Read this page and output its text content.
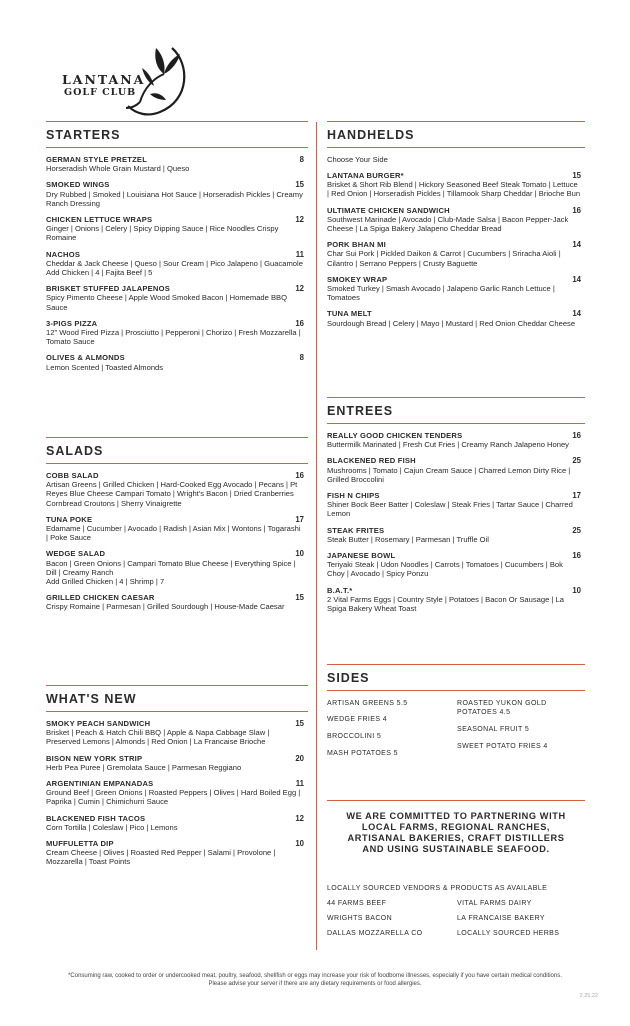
LANTANA
GOLF CLUB
STARTERS
GERMAN STYLE PRETZEL	8
Horseradish Whole Grain Mustard | Queso
SMOKED WINGS	15
Dry Rubbed | Smoked | Louisiana Hot Sauce | Horseradish Pickles | Creamy Ranch Dressing
CHICKEN LETTUCE WRAPS	12
Ginger | Onions | Celery | Spicy Dipping Sauce | Rice Noodles Crispy Romaine
NACHOS	11
Cheddar & Jack Cheese | Queso | Sour Cream | Pico Jalapeno | Guacamole
Add Chicken | 4 | Fajita Beef | 5
BRISKET STUFFED JALAPENOS	12
Spicy Pimento Cheese | Apple Wood Smoked Bacon | Homemade BBQ Sauce
3-PIGS PIZZA	16
12" Wood Fired Pizza | Prosciutto | Pepperoni | Chorizo | Fresh Mozzarella | Tomato Sauce
OLIVES & ALMONDS	8
Lemon Scented | Toasted Almonds
SALADS
COBB SALAD	16
Artisan Greens | Grilled Chicken | Hard-Cooked Egg Avocado | Pecans | Pt Reyes Blue Cheese Campari Tomato | Wright's Bacon | Dried Cranberries Cornbread Croutons | Sherry Vinaigrette
TUNA POKE	17
Edamame | Cucumber | Avocado | Radish | Asian Mix | Wontons | Togarashi | Poke Sauce
WEDGE SALAD	10
Bacon | Green Onions | Campari Tomato Blue Cheese | Everything Spice | Dill | Creamy Ranch
Add Grilled Chicken | 4 | Shrimp | 7
GRILLED CHICKEN CAESAR	15
Crispy Romaine | Parmesan | Grilled Sourdough | House-Made Caesar
WHAT'S NEW
SMOKY PEACH SANDWICH	15
Brisket | Peach & Hatch Chili BBQ | Apple & Napa Cabbage Slaw | Preserved Lemons | Almonds | Red Onion | La Francaise Brioche
BISON NEW YORK STRIP	20
Herb Pea Puree | Gremolata Sauce | Parmesan Reggiano
ARGENTINIAN EMPANADAS	11
Ground Beef | Green Onions | Roasted Peppers | Olives | Hard Boiled Egg | Paprika | Cumin | Chimichurri Sauce
BLACKENED FISH TACOS	12
Corn Tortilla | Coleslaw | Pico | Lemons
MUFFULETTA DIP	10
Cream Cheese | Olives | Roasted Red Pepper | Salami | Provolone | Mozzarella | Toast Points
HANDHELDS
Choose Your Side
LANTANA BURGER*	15
Brisket & Short Rib Blend | Hickory Seasoned Beef Steak Tomato | Lettuce | Red Onion | Horseradish Pickles | Tillamook Sharp Cheddar | Brioche Bun
ULTIMATE CHICKEN SANDWICH	16
Southwest Marinade | Avocado | Club-Made Salsa | Bacon Pepper-Jack Cheese | La Spiga Bakery Jalapeno Cheddar Bread
PORK BHAN MI	14
Char Sui Pork | Pickled Daikon & Carrot | Cucumbers | Sriracha Aioli | Cilantro | Serrano Peppers | Crusty Baguette
SMOKEY WRAP	14
Smoked Turkey | Smash Avocado | Jalapeno Garlic Ranch Lettuce | Tomatoes
TUNA MELT	14
Sourdough Bread | Celery | Mayo | Mustard | Red Onion Cheddar Cheese
ENTREES
REALLY GOOD CHICKEN TENDERS	16
Buttermilk Marinated | Fresh Cut Fries | Creamy Ranch Jalapeno Honey
BLACKENED RED FISH	25
Mushrooms | Tomato | Cajun Cream Sauce | Charred Lemon Dirty Rice | Grilled Broccolini
FISH N CHIPS	17
Shiner Bock Beer Batter | Coleslaw | Steak Fries | Tartar Sauce | Charred Lemon
STEAK FRITES	25
Steak Butter | Rosemary | Parmesan | Truffle Oil
JAPANESE BOWL	16
Teriyaki Steak | Udon Noodles | Carrots | Tomatoes | Cucumbers | Bok Choy | Avocado | Spicy Ponzu
B.A.T.*	10
2 Vital Farms Eggs | Country Style | Potatoes | Bacon Or Sausage | La Spiga Bakery Wheat Toast
SIDES
ARTISAN GREENS 5.5
WEDGE FRIES 4
BROCCOLINI 5
MASH POTATOES 5
ROASTED YUKON GOLD POTATOES 4.5
SEASONAL FRUIT 5
SWEET POTATO FRIES 4
WE ARE COMMITTED TO PARTNERING WITH LOCAL FARMS, REGIONAL RANCHES, ARTISANAL BAKERIES, CRAFT DISTILLERS AND USING SUSTAINABLE SEAFOOD.
LOCALLY SOURCED VENDORS & PRODUCTS AS AVAILABLE
44 FARMS BEEF
WRIGHTS BACON
DALLAS MOZZARELLA CO
VITAL FARMS DAIRY
LA FRANCAISE BAKERY
LOCALLY SOURCED HERBS
*Consuming raw, cooked to order or undercooked meat, poultry, seafood, shellfish or eggs may increase your risk of foodborne illnesses, especially if you have certain medical conditions. Please advise your server if there are any dietary requirements or food allergies.
2.25.22
